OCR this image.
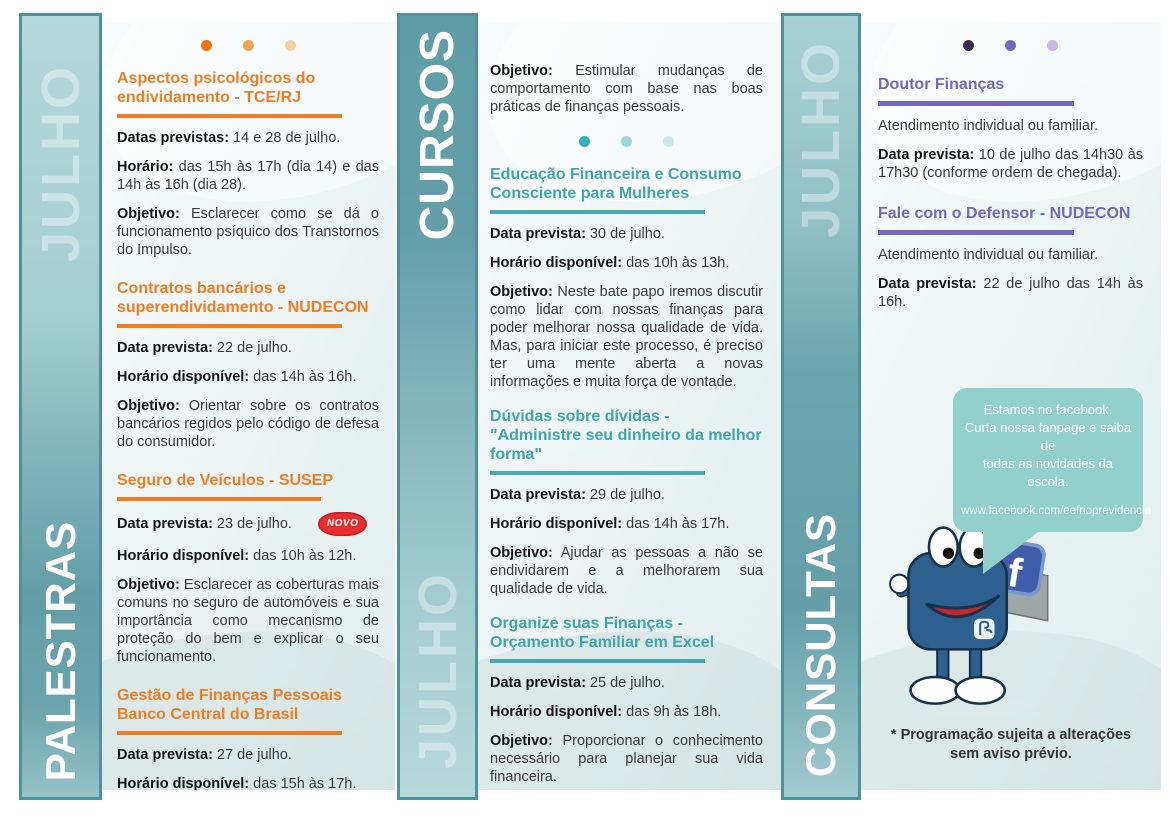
JULHO
PALESTRAS
Aspectos psicológicos do endividamento - TCE/RJ

Datas previstas: 14 e 28 de julho.

Horário: das 15h às 17h (dia 14) e das 14h às 16h (dia 28).

Objetivo: Esclarecer como se dá o funcionamento psíquico dos Transtornos do Impulso.

Contratos bancários e superendividamento - NUDECON

Data prevista: 22 de julho.

Horário disponível: das 14h às 16h.

Objetivo: Orientar sobre os contratos bancários regidos pelo código de defesa do consumidor.

Seguro de Veículos - SUSEP

Data prevista: 23 de julho.	NOVO

Horário disponível: das 10h às 12h.

Objetivo: Esclarecer as coberturas mais comuns no seguro de automóveis e sua importância como mecanismo de proteção do bem e explicar o seu funcionamento.

Gestão de Finanças Pessoais Banco Central do Brasil

Data prevista: 27 de julho.

Horário disponível: das 15h às 17h.

CURSOS
JULHO

Objetivo: Estimular mudanças de comportamento com base nas boas práticas de finanças pessoais.

Educação Financeira e Consumo Consciente para Mulheres

Data prevista: 30 de julho.

Horário disponível: das 10h às 13h.

Objetivo: Neste bate papo iremos discutir como lidar com nossas finanças para poder melhorar nossa qualidade de vida. Mas, para iniciar este processo, é preciso ter uma mente aberta a novas informações e muita força de vontade.

Dúvidas sobre dívidas - "Administre seu dinheiro da melhor forma"

Data prevista: 29 de julho.

Horário disponível: das 14h às 17h.

Objetivo: Ajudar as pessoas a não se endividarem e a melhorarem sua qualidade de vida.

Organize suas Finanças - Orçamento Familiar em Excel

Data prevista: 25 de julho.

Horário disponível: das 9h às 18h.

Objetivo: Proporcionar o conhecimento necessário para planejar sua vida financeira.

JULHO
CONSULTAS
Doutor Finanças

Atendimento individual ou familiar.

Data prevista: 10 de julho das 14h30 às 17h30 (conforme ordem de chegada).

Fale com o Defensor - NUDECON

Atendimento individual ou familiar.

Data prevista: 22 de julho das 14h às 16h.

Estamos no facebook.
Curta nossa fanpage e saiba de
todas as novidades da escola.
www.facebook.com/eefrioprevidencia
* Programação sujeita a alterações sem aviso prévio.
